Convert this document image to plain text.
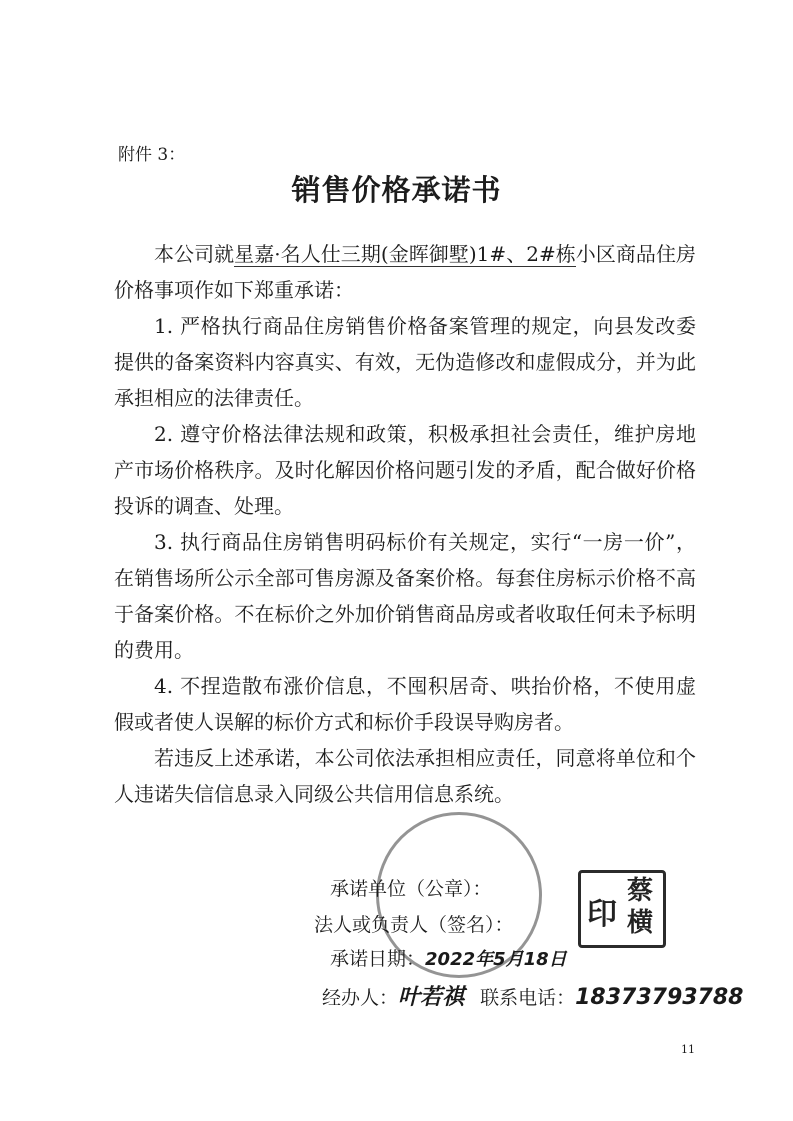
附件 3：
销售价格承诺书

本公司就星嘉·名人仕三期(金晖御墅)1#、2#栋小区商品住房价格事项作如下郑重承诺：

1. 严格执行商品住房销售价格备案管理的规定，向县发改委提供的备案资料内容真实、有效，无伪造修改和虚假成分，并为此承担相应的法律责任。

2. 遵守价格法律法规和政策，积极承担社会责任，维护房地产市场价格秩序。及时化解因价格问题引发的矛盾，配合做好价格投诉的调查、处理。

3. 执行商品住房销售明码标价有关规定，实行“一房一价”，在销售场所公示全部可售房源及备案价格。每套住房标示价格不高于备案价格。不在标价之外加价销售商品房或者收取任何未予标明的费用。

4. 不捏造散布涨价信息，不囤积居奇、哄抬价格，不使用虚假或者使人误解的标价方式和标价手段误导购房者。

若违反上述承诺，本公司依法承担相应责任，同意将单位和个人违诺失信信息录入同级公共信用信息系统。

印
蔡横
承诺单位（公章）：
法人或负责人（签名）：
承诺日期：2022年5月18日
经办人：叶若祺 联系电话：18373793788
11
